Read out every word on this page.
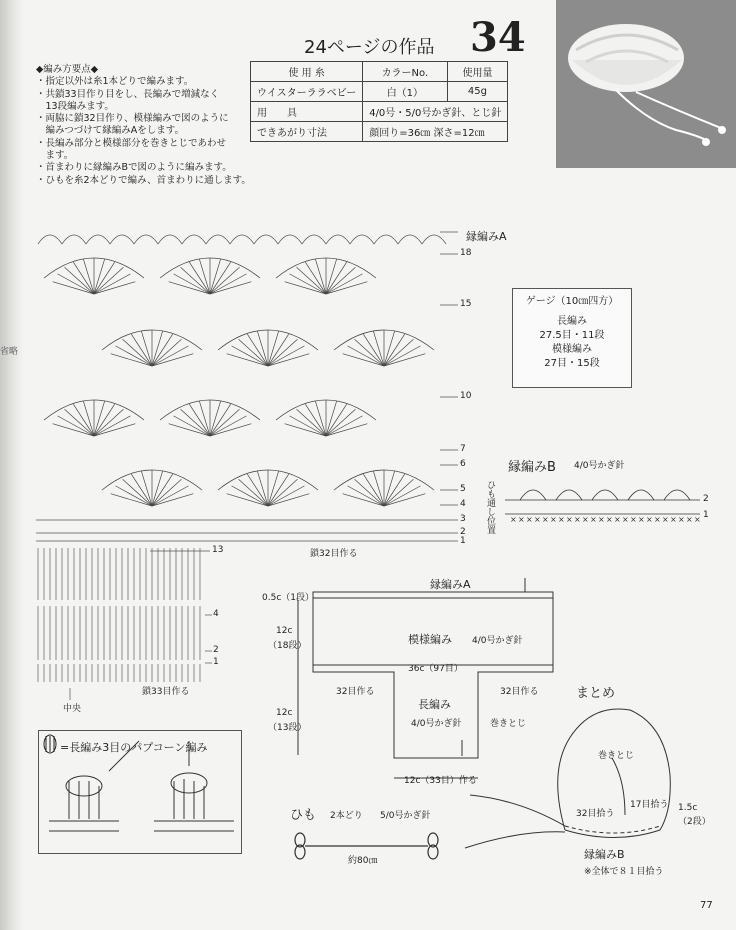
省略
24ページの作品 34
使 用 糸	カラーNo.	使用量
ウイスターララベビー	白（1）	45g
用　　具	4/0号・5/0号かぎ針、とじ針	
できあがり寸法	顔回り=36㎝ 深さ=12㎝	
◆編み方要点◆
・指定以外は糸1本どりで編みます。
・共鎖33目作り目をし、長編みで増減なく
　13段編みます。
・両脇に鎖32目作り、模様編みで図のように
　編みつづけて縁編みAをします。
・長編み部分と模様部分を巻きとじであわせ
　ます。
・首まわりに縁編みBで図のように編みます。
・ひもを糸2本どりで編み、首まわりに通します。
× × × × × × × × × × × × × × × × × × × × × × × ×
縁編みA
18
15
10
7
6
5
4
3
2
1
鎖32目作る
13
4
2
1
鎖33目作る
中央
ゲージ（10㎝四方）
長編み
27.5目・11段
模様編み
27目・15段
縁編みB 4/0号かぎ針
ひも通し位置	2
1
縁編みA
0.5c（1段）
12c
（18段）	模様編み 4/0号かぎ針
36c（97目）
32目作る	32目作る
長編み
4/0号かぎ針
12c
（13段）	巻きとじ
12c（33目）作る
=長編み3目のパプコーン編み
ひも 2本どり 5/0号かぎ針
約80㎝
まとめ
巻きとじ
17目拾う
32目拾う
1.5c
（2段）
縁編みB
※全体で８１目拾う
77
